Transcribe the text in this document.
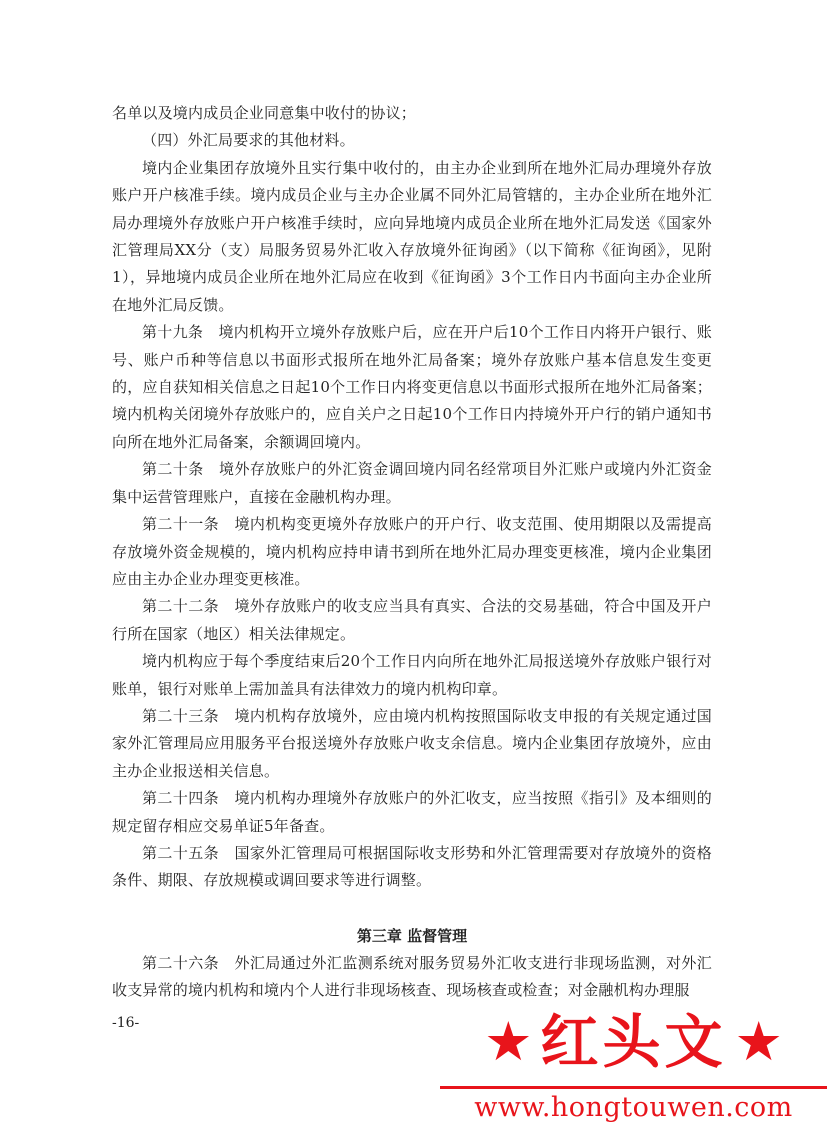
名单以及境内成员企业同意集中收付的协议；

（四）外汇局要求的其他材料。

境内企业集团存放境外且实行集中收付的，由主办企业到所在地外汇局办理境外存放账户开户核准手续。境内成员企业与主办企业属不同外汇局管辖的，主办企业所在地外汇局办理境外存放账户开户核准手续时，应向异地境内成员企业所在地外汇局发送《国家外汇管理局XX分（支）局服务贸易外汇收入存放境外征询函》（以下简称《征询函》，见附1），异地境内成员企业所在地外汇局应在收到《征询函》3个工作日内书面向主办企业所在地外汇局反馈。

第十九条　境内机构开立境外存放账户后，应在开户后10个工作日内将开户银行、账号、账户币种等信息以书面形式报所在地外汇局备案；境外存放账户基本信息发生变更的，应自获知相关信息之日起10个工作日内将变更信息以书面形式报所在地外汇局备案；境内机构关闭境外存放账户的，应自关户之日起10个工作日内持境外开户行的销户通知书向所在地外汇局备案，余额调回境内。

第二十条　境外存放账户的外汇资金调回境内同名经常项目外汇账户或境内外汇资金集中运营管理账户，直接在金融机构办理。

第二十一条　境内机构变更境外存放账户的开户行、收支范围、使用期限以及需提高存放境外资金规模的，境内机构应持申请书到所在地外汇局办理变更核准，境内企业集团应由主办企业办理变更核准。

第二十二条　境外存放账户的收支应当具有真实、合法的交易基础，符合中国及开户行所在国家（地区）相关法律规定。

境内机构应于每个季度结束后20个工作日内向所在地外汇局报送境外存放账户银行对账单，银行对账单上需加盖具有法律效力的境内机构印章。

第二十三条　境内机构存放境外，应由境内机构按照国际收支申报的有关规定通过国家外汇管理局应用服务平台报送境外存放账户收支余信息。境内企业集团存放境外，应由主办企业报送相关信息。

第二十四条　境内机构办理境外存放账户的外汇收支，应当按照《指引》及本细则的规定留存相应交易单证5年备查。

第二十五条　国家外汇管理局可根据国际收支形势和外汇管理需要对存放境外的资格条件、期限、存放规模或调回要求等进行调整。

第三章 监督管理

第二十六条　外汇局通过外汇监测系统对服务贸易外汇收支进行非现场监测，对外汇收支异常的境内机构和境内个人进行非现场核查、现场核查或检查；对金融机构办理服

-16-	★ 红头文 ★
www.hongtouwen.com
